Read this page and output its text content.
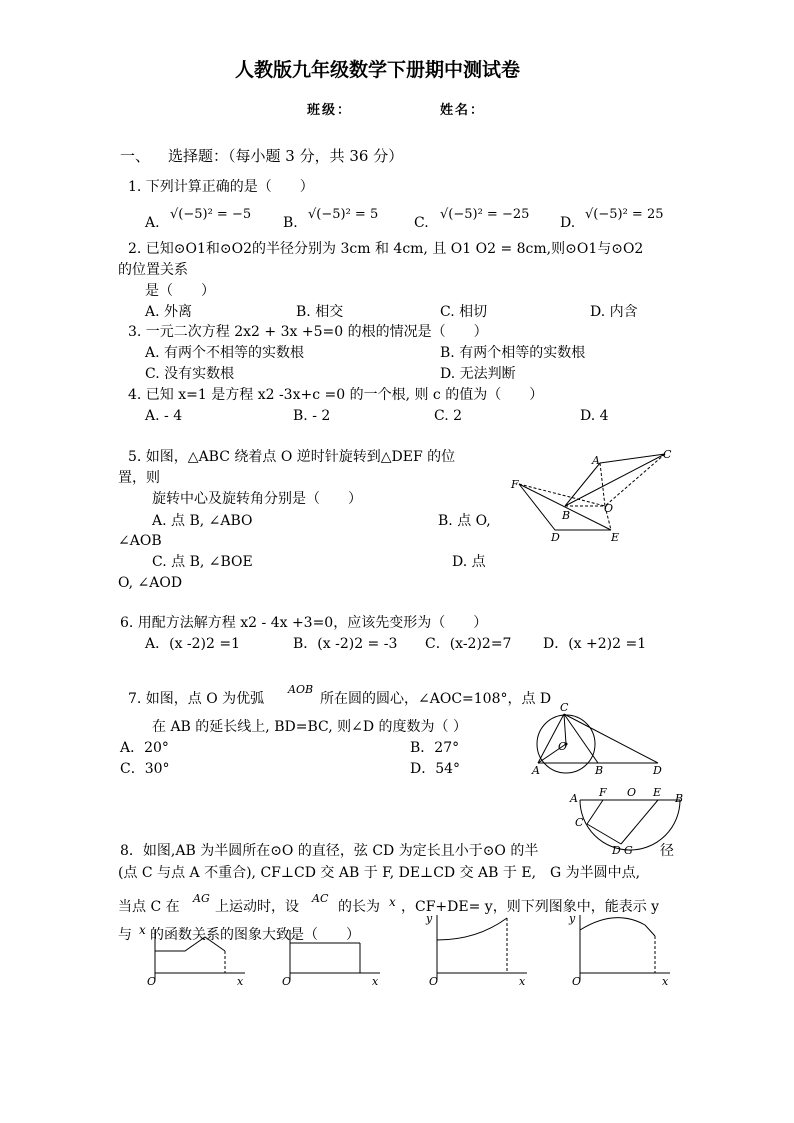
人教版九年级数学下册期中测试卷
班级：	姓名：
一、 选择题：（每小题 3 分，共 36 分）
1. 下列计算正确的是（　　）
A.
√(−5)² = −5
B.
√(−5)² = 5
C.
√(−5)² = −25
D.
√(−5)² = 25
2. 已知⊙O1和⊙O2的半径分别为 3cm 和 4cm, 且 O1 O2 = 8cm,则⊙O1与⊙O2
的位置关系
是（　　）
A. 外离	B. 相交	C. 相切	D. 内含
3. 一元二次方程 2x2 + 3x +5=0 的根的情况是（　　）
A. 有两个不相等的实数根	B. 有两个相等的实数根
C. 没有实数根	D. 无法判断
4. 已知 x=1 是方程 x2 -3x+c =0 的一个根, 则 c 的值为（　　）
A. - 4	B. - 2	C. 2	D. 4
5. 如图，△ABC 绕着点 O 逆时针旋转到△DEF 的位
置，则
旋转中心及旋转角分别是（　　）
A. 点 B, ∠ABO	B. 点 O,
∠AOB
C. 点 B, ∠BOE	D. 点
O, ∠AOD
A	C
F
B
O
D	E
6. 用配方法解方程 x2 - 4x +3=0，应该先变形为（　　）
A．(x -2)2 =1	B．(x -2)2 = -3 C．(x-2)2=7 D．(x +2)2 =1
7. 如图，点 O 为优弧
AOB
所在圆的圆心，∠AOC=108°，点 D
在 AB 的延长线上, BD=BC, 则∠D 的度数为（ ）
A．20°	B．27°
C．30°	D．54°
C
O
A	B	D
A F O E B
C
D G
8．如图,AB 为半圆所在⊙O 的直径，弦 CD 为定长且小于⊙O 的半	径
(点 C 与点 A 不重合), CF⊥CD 交 AB 于 F, DE⊥CD 交 AB 于 E,　G 为半圆中点,
当点 C 在
AG
上运动时，设
AC
的长为 x ，CF+DE= y，则下列图象中，能表示 y
与 x 的函数关系的图象大致是（　　）
O	x	O	x
y
O	x
y
O	x
